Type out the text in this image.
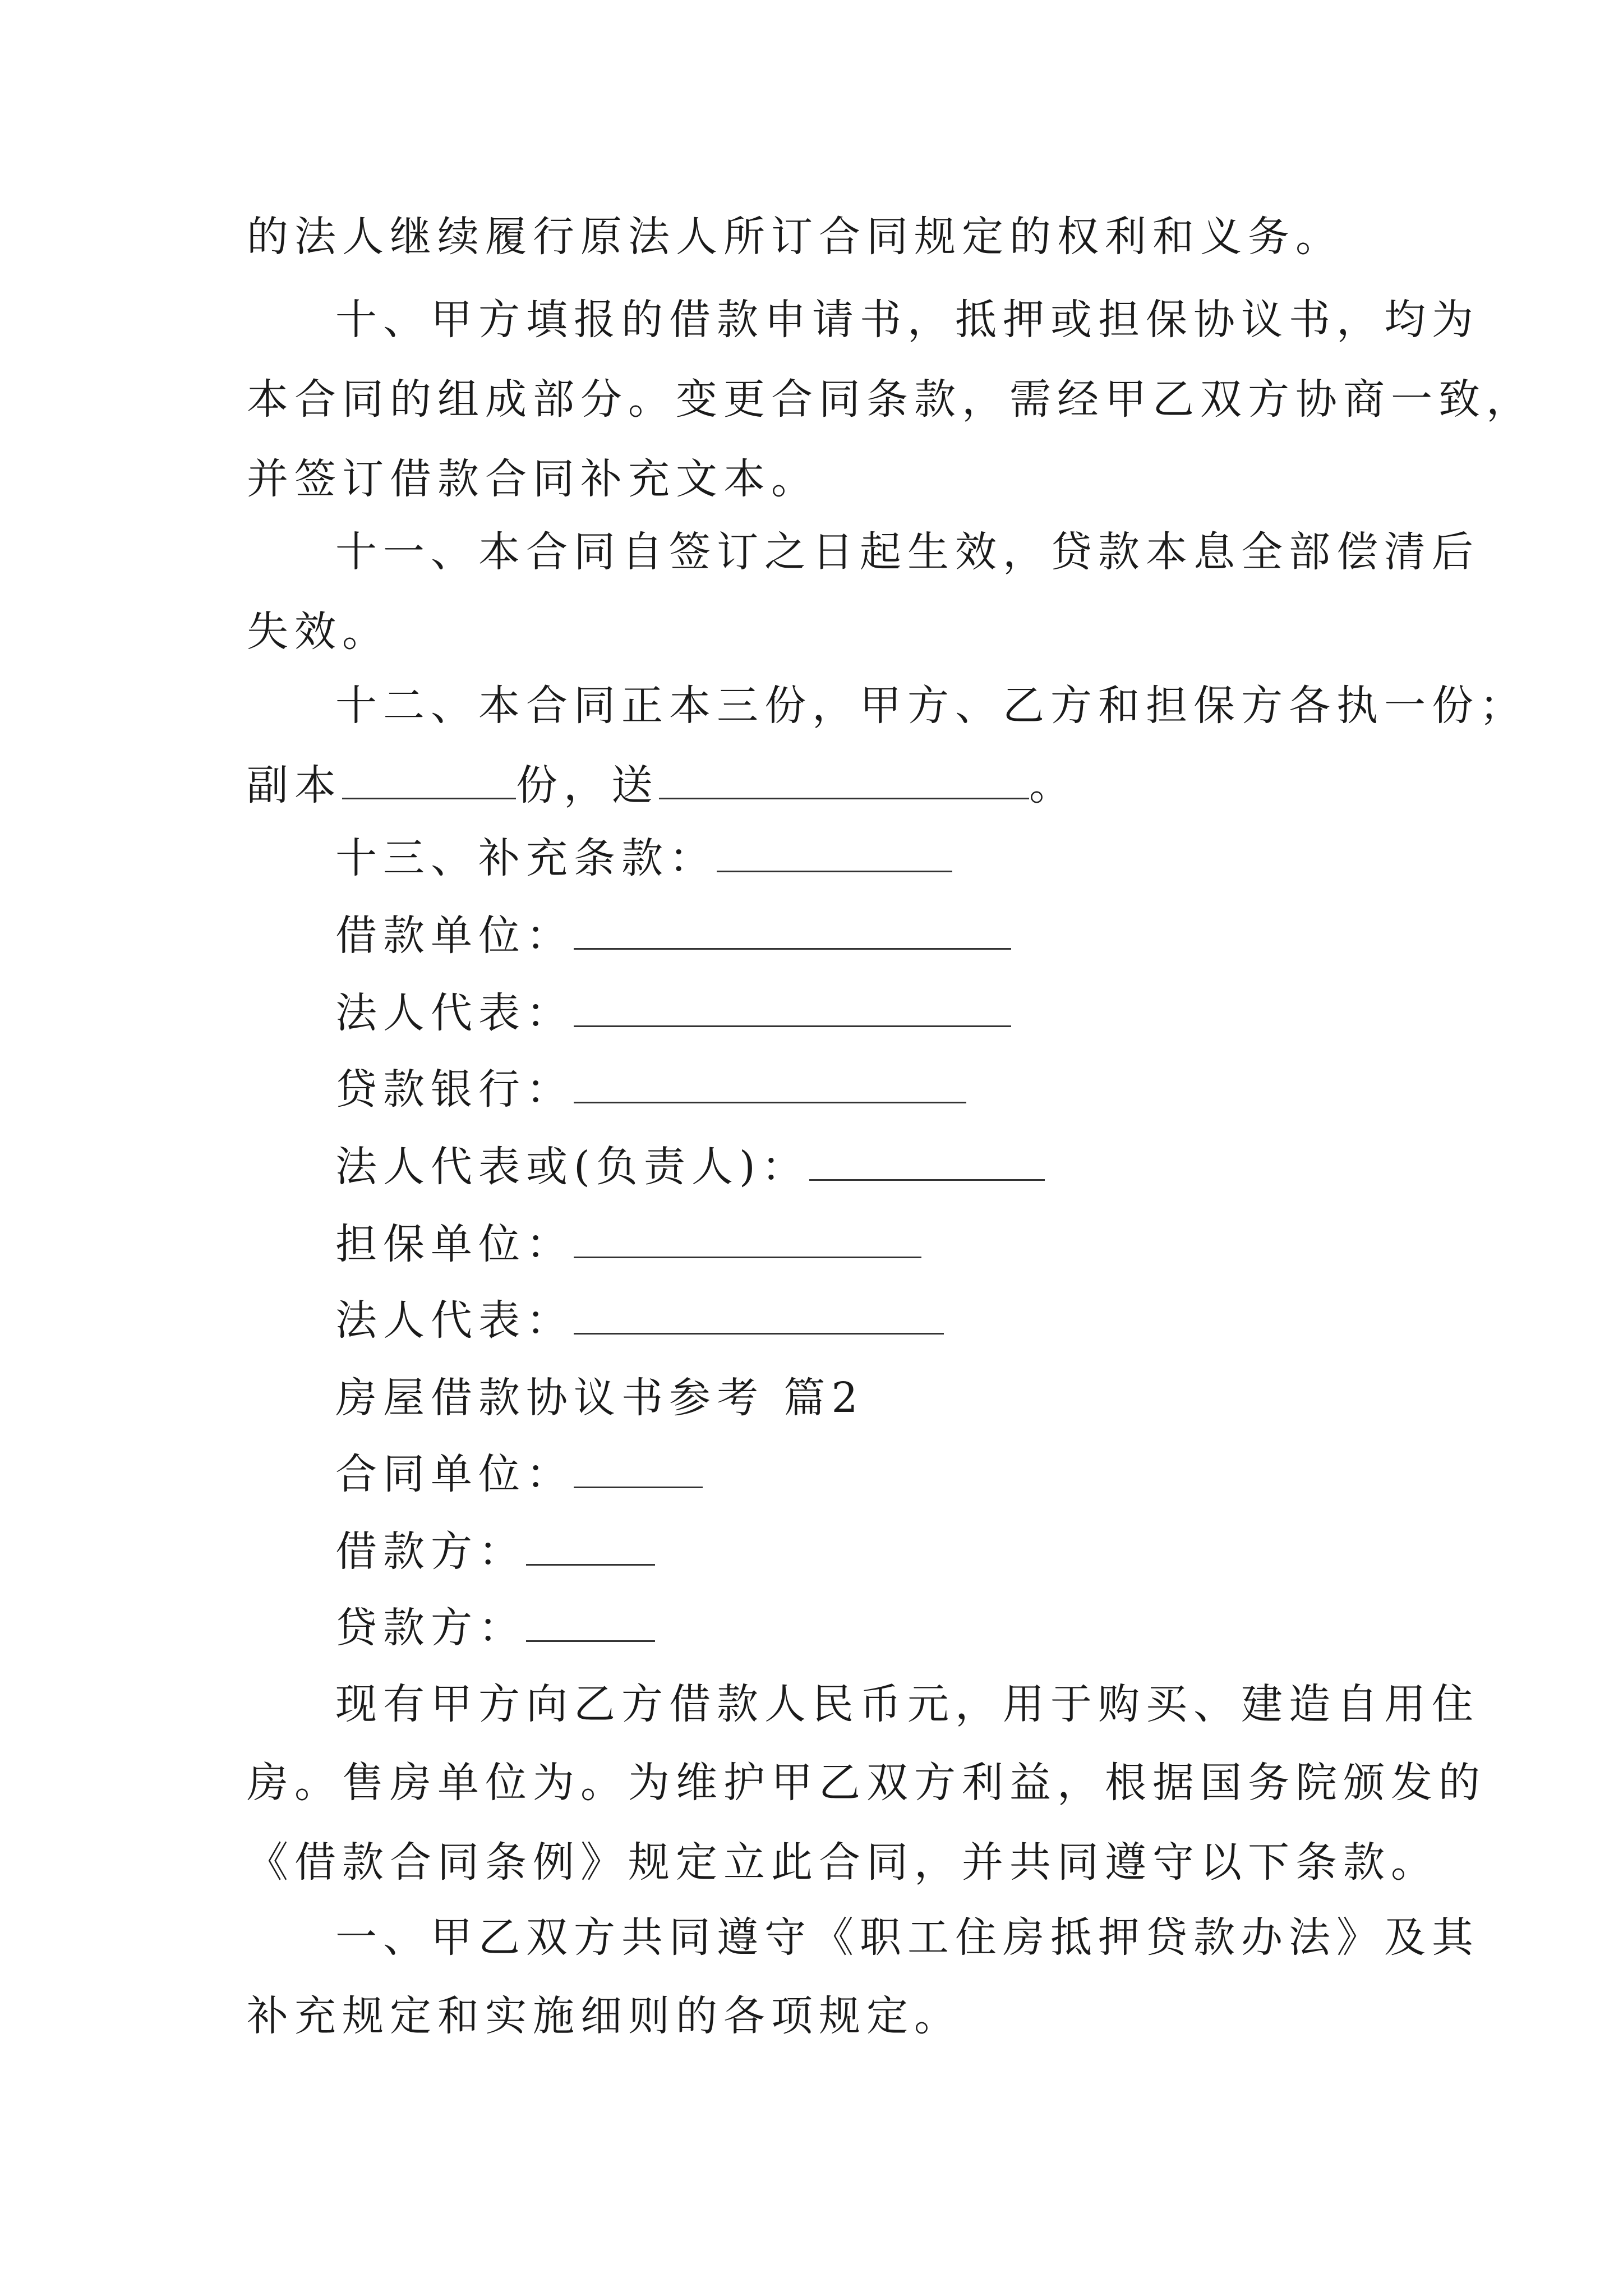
的法人继续履行原法人所订合同规定的权利和义务。
十、甲方填报的借款申请书，抵押或担保协议书，均为
本合同的组成部分。变更合同条款，需经甲乙双方协商一致，
并签订借款合同补充文本。
十一、本合同自签订之日起生效，贷款本息全部偿清后
失效。
十二、本合同正本三份，甲方、乙方和担保方各执一份；
副本	份，送	。
十三、补充条款：
借款单位：
法人代表：
贷款银行：
法人代表或(负责人)：
担保单位：
法人代表：
房屋借款协议书参考 篇2
合同单位：
借款方：
贷款方：
现有甲方向乙方借款人民币元，用于购买、建造自用住
房。售房单位为。为维护甲乙双方利益，根据国务院颁发的
《借款合同条例》规定立此合同，并共同遵守以下条款。
一、甲乙双方共同遵守《职工住房抵押贷款办法》及其
补充规定和实施细则的各项规定。
